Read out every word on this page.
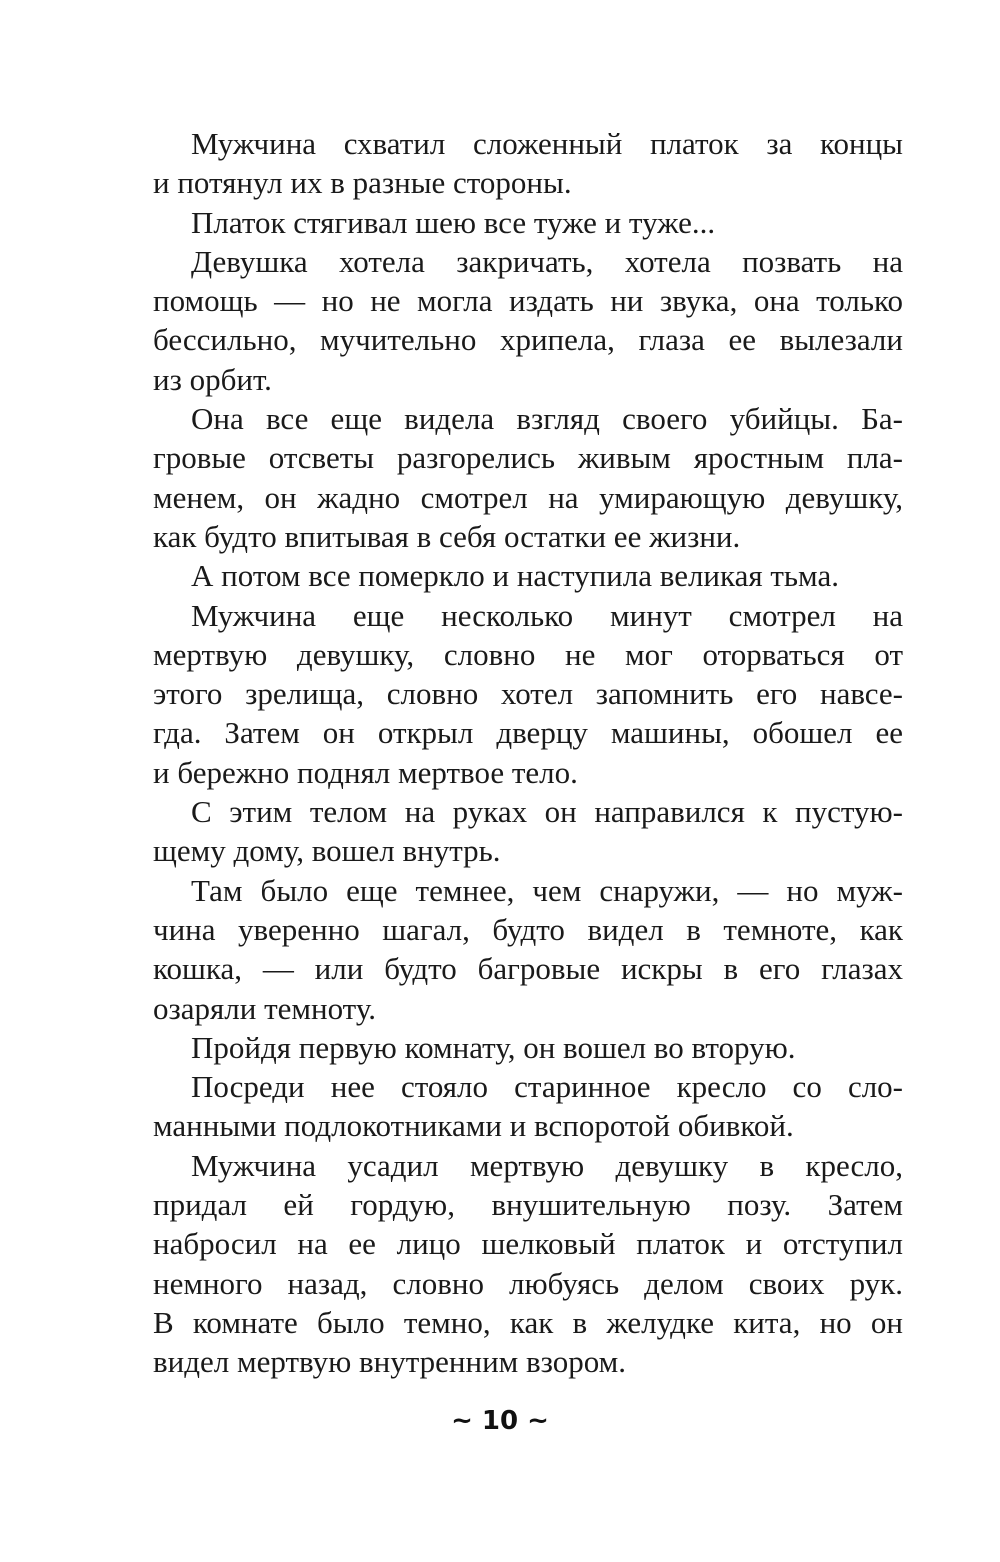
Мужчина схватил сложенный платок за концы
и потянул их в разные стороны.
Платок стягивал шею все туже и туже...
Девушка хотела закричать, хотела позвать на
помощь — но не могла издать ни звука, она только
бессильно, мучительно хрипела, глаза ее вылезали
из орбит.
Она все еще видела взгляд своего убийцы. Ба-
гровые отсветы разгорелись живым яростным пла-
менем, он жадно смотрел на умирающую девушку,
как будто впитывая в себя остатки ее жизни.
А потом все померкло и наступила великая тьма.
Мужчина еще несколько минут смотрел на
мертвую девушку, словно не мог оторваться от
этого зрелища, словно хотел запомнить его навсе-
гда. Затем он открыл дверцу машины, обошел ее
и бережно поднял мертвое тело.
С этим телом на руках он направился к пустую-
щему дому, вошел внутрь.
Там было еще темнее, чем снаружи, — но муж-
чина уверенно шагал, будто видел в темноте, как
кошка, — или будто багровые искры в его глазах
озаряли темноту.
Пройдя первую комнату, он вошел во вторую.
Посреди нее стояло старинное кресло со сло-
манными подлокотниками и вспоротой обивкой.
Мужчина усадил мертвую девушку в кресло,
придал ей гордую, внушительную позу. Затем
набросил на ее лицо шелковый платок и отступил
немного назад, словно любуясь делом своих рук.
В комнате было темно, как в желудке кита, но он
видел мертвую внутренним взором.
~ 10 ~
